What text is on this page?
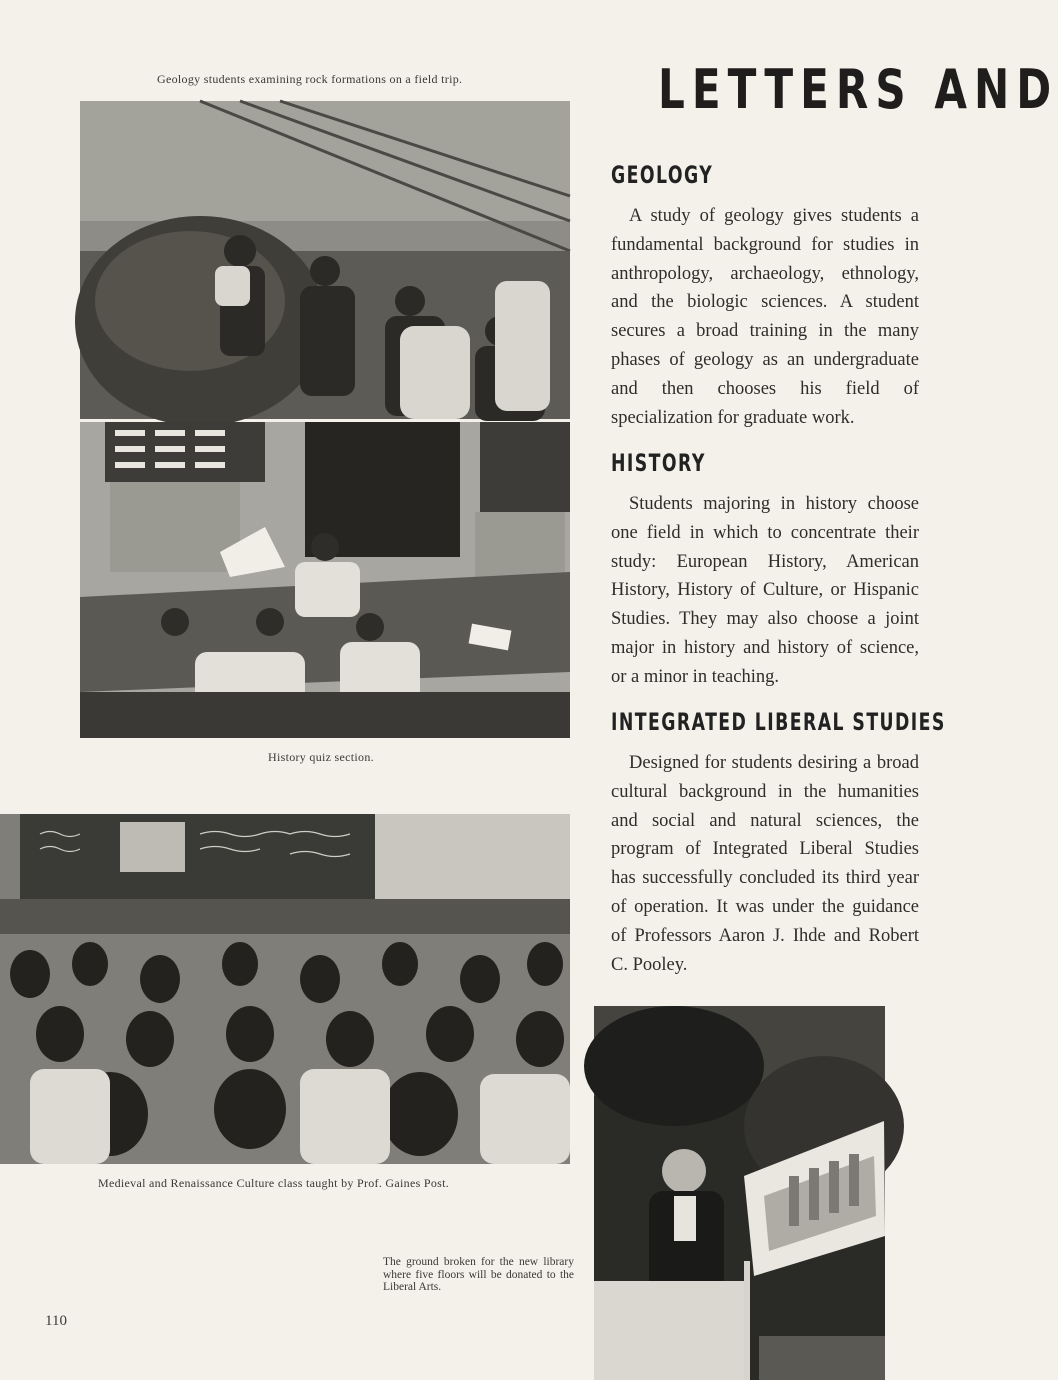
Geology students examining rock formations on a field trip.
History quiz section.
Medieval and Renaissance Culture class taught by Prof. Gaines Post.
The ground broken for the new library where five floors will be donated to the Liberal Arts.
LETTERS AND
GEOLOGY

A study of geology gives students a fundamental background for studies in anthropology, archaeology, ethnology, and the biologic sciences. A student secures a broad training in the many phases of geology as an undergraduate and then chooses his field of specialization for graduate work.

HISTORY

Students majoring in history choose one field in which to concentrate their study: European History, American History, History of Culture, or Hispanic Studies. They may also choose a joint major in history and history of science, or a minor in teaching.

INTEGRATED LIBERAL STUDIES

Designed for students desiring a broad cultural background in the humanities and social and natural sciences, the program of Integrated Liberal Studies has successfully concluded its third year of operation. It was under the guidance of Professors Aaron J. Ihde and Robert C. Pooley.

110
